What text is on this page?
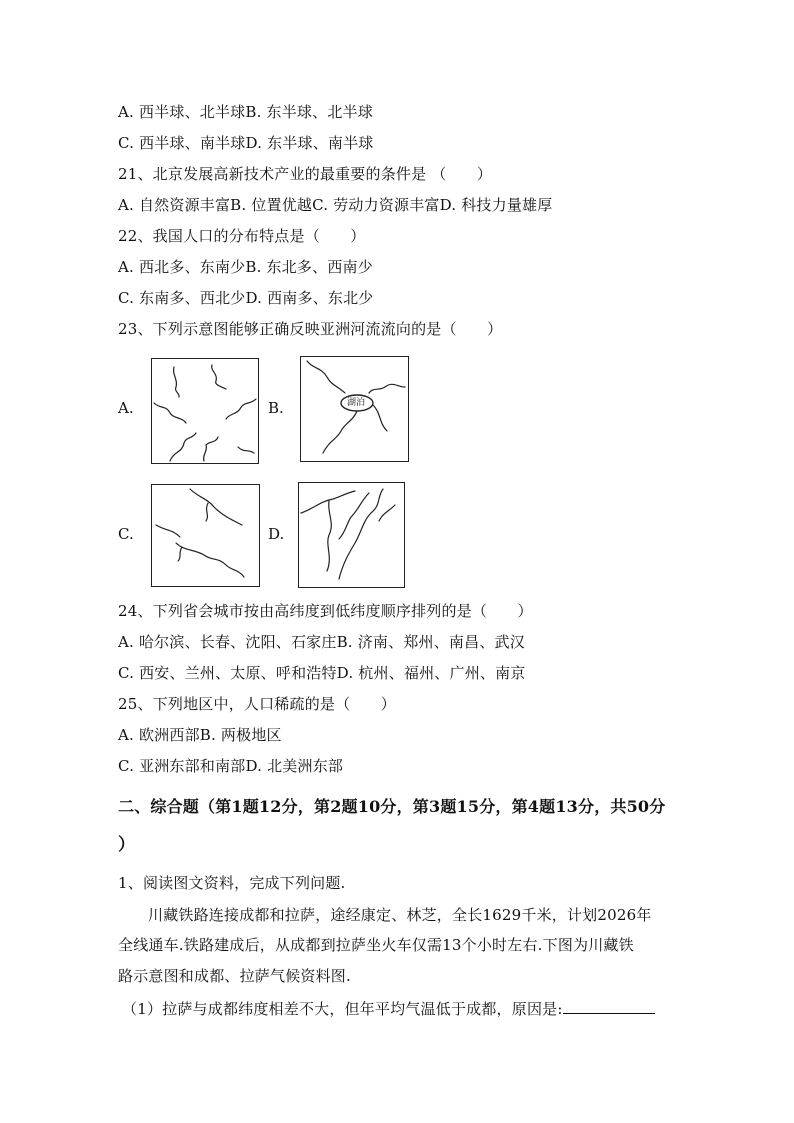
A. 西半球、北半球B. 东半球、北半球
C. 西半球、南半球D. 东半球、南半球
21、北京发展高新技术产业的最重要的条件是 （　　）
A. 自然资源丰富B. 位置优越C. 劳动力资源丰富D. 科技力量雄厚
22、我国人口的分布特点是（　　）
A. 西北多、东南少B. 东北多、西南少
C. 东南多、西北少D. 西南多、东北少
23、下列示意图能够正确反映亚洲河流流向的是（　　）
A.	B.	湖泊
C.	D.
24、下列省会城市按由高纬度到低纬度顺序排列的是（　　）
A. 哈尔滨、长春、沈阳、石家庄B. 济南、郑州、南昌、武汉
C. 西安、兰州、太原、呼和浩特D. 杭州、福州、广州、南京
25、下列地区中，人口稀疏的是（　　）
A. 欧洲西部B. 两极地区
C. 亚洲东部和南部D. 北美洲东部
二、综合题（第1题12分，第2题10分，第3题15分，第4题13分，共50分
）
1、阅读图文资料，完成下列问题.
川藏铁路连接成都和拉萨，途经康定、林芝，全长1629千米，计划2026年
全线通车.铁路建成后，从成都到拉萨坐火车仅需13个小时左右.下图为川藏铁
路示意图和成都、拉萨气候资料图.
（1）拉萨与成都纬度相差不大，但年平均气温低于成都，原因是:
